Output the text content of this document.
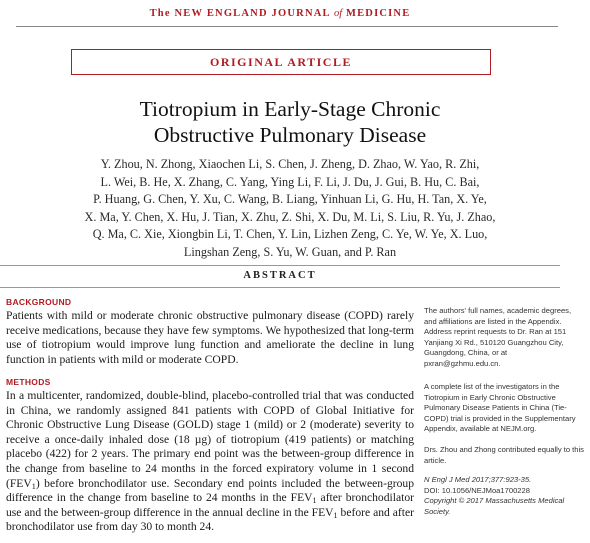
The NEW ENGLAND JOURNAL of MEDICINE
ORIGINAL ARTICLE
Tiotropium in Early-Stage Chronic
Obstructive Pulmonary Disease
Y. Zhou, N. Zhong, Xiaochen Li, S. Chen, J. Zheng, D. Zhao, W. Yao, R. Zhi,
L. Wei, B. He, X. Zhang, C. Yang, Ying Li, F. Li, J. Du, J. Gui, B. Hu, C. Bai,
P. Huang, G. Chen, Y. Xu, C. Wang, B. Liang, Yinhuan Li, G. Hu, H. Tan, X. Ye,
X. Ma, Y. Chen, X. Hu, J. Tian, X. Zhu, Z. Shi, X. Du, M. Li, S. Liu, R. Yu, J. Zhao,
Q. Ma, C. Xie, Xiongbin Li, T. Chen, Y. Lin, Lizhen Zeng, C. Ye, W. Ye, X. Luo,
Lingshan Zeng, S. Yu, W. Guan, and P. Ran
ABSTRACT
BACKGROUND
Patients with mild or moderate chronic obstructive pulmonary disease (COPD) rarely receive medications, because they have few symptoms. We hypothesized that long-term use of tiotropium would improve lung function and ameliorate the decline in lung function in patients with mild or moderate COPD.
METHODS
In a multicenter, randomized, double-blind, placebo-controlled trial that was conducted in China, we randomly assigned 841 patients with COPD of Global Initiative for Chronic Obstructive Lung Disease (GOLD) stage 1 (mild) or 2 (moderate) severity to receive a once-daily inhaled dose (18 µg) of tiotropium (419 patients) or matching placebo (422) for 2 years. The primary end point was the between-group difference in the change from baseline to 24 months in the forced expiratory volume in 1 second $(FEV_1)$ before bronchodilator use. Secondary end points included the between-group difference in the change from baseline to 24 months in the $FEV_1$ after bronchodilator use and the between-group difference in the annual decline in the $FEV_1$ before and after bronchodilator use from day 30 to month 24.
The authors' full names, academic degrees, and affiliations are listed in the Appendix. Address reprint requests to Dr. Ran at 151 Yanjiang Xi Rd., 510120 Guangzhou City, Guangdong, China, or at pxran@gzhmu.edu.cn.
A complete list of the investigators in the Tiotropium in Early Chronic Obstructive Pulmonary Disease Patients in China (Tie-COPD) trial is provided in the Supplementary Appendix, available at NEJM.org.
Drs. Zhou and Zhong contributed equally to this article.
N Engl J Med 2017;377:923-35.
DOI: 10.1056/NEJMoa1700228
Copyright © 2017 Massachusetts Medical Society.
